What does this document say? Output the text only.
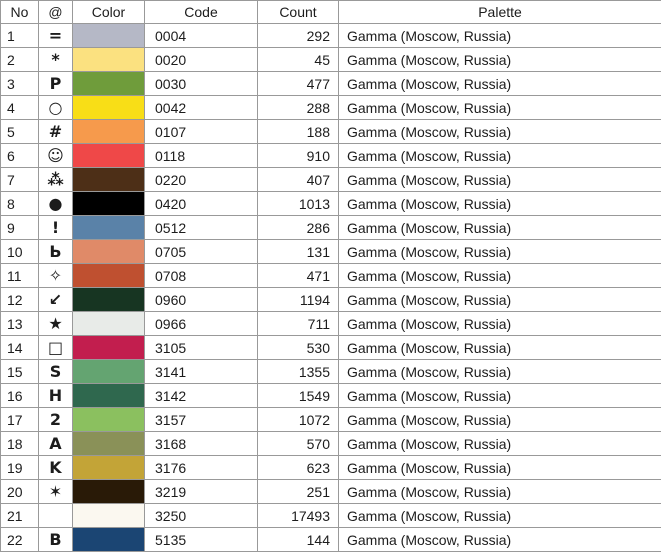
No	@	Color	Code	Count	Palette
1	=		0004	292	Gamma (Moscow, Russia)
2	*		0020	45	Gamma (Moscow, Russia)
3	P		0030	477	Gamma (Moscow, Russia)
4	○		0042	288	Gamma (Moscow, Russia)
5	#		0107	188	Gamma (Moscow, Russia)
6	☺		0118	910	Gamma (Moscow, Russia)
7	⁂		0220	407	Gamma (Moscow, Russia)
8	●		0420	1013	Gamma (Moscow, Russia)
9	!		0512	286	Gamma (Moscow, Russia)
10	Ь		0705	131	Gamma (Moscow, Russia)
11	✧		0708	471	Gamma (Moscow, Russia)
12	↙		0960	1194	Gamma (Moscow, Russia)
13	★		0966	711	Gamma (Moscow, Russia)
14	□		3105	530	Gamma (Moscow, Russia)
15	S		3141	1355	Gamma (Moscow, Russia)
16	H		3142	1549	Gamma (Moscow, Russia)
17	2		3157	1072	Gamma (Moscow, Russia)
18	A		3168	570	Gamma (Moscow, Russia)
19	K		3176	623	Gamma (Moscow, Russia)
20	✶		3219	251	Gamma (Moscow, Russia)
21			3250	17493	Gamma (Moscow, Russia)
22	B		5135	144	Gamma (Moscow, Russia)
